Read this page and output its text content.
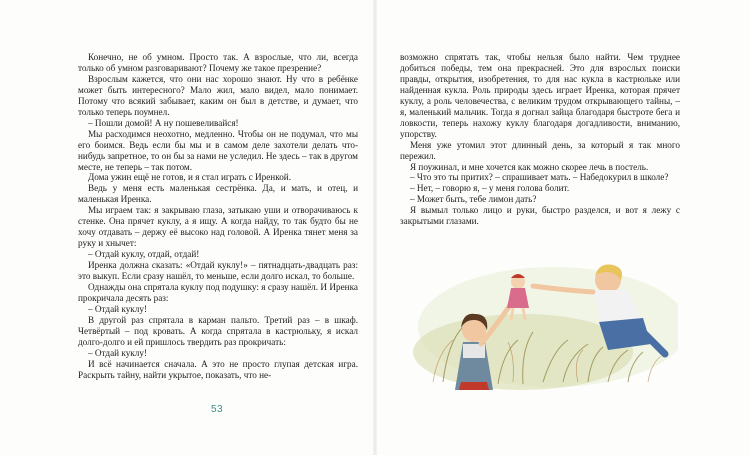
Конечно, не об умном. Просто так. А взрослые, что ли, всегда только об умном разговаривают? Почему же такое презрение?

Взрослым кажется, что они нас хорошо знают. Ну что в ребёнке может быть интересного? Мало жил, мало видел, мало понимает. Потому что всякий забывает, каким он был в детстве, и думает, что только теперь поумнел.

– Пошли домой! А ну пошевеливайся!

Мы расходимся неохотно, медленно. Чтобы он не подумал, что мы его боимся. Ведь если бы мы и в самом деле захотели делать что-нибудь запретное, то он бы за нами не уследил. Не здесь – так в другом месте, не теперь – так потом.

Дома ужин ещё не готов, и я стал играть с Иренкой.

Ведь у меня есть маленькая сестрёнка. Да, и мать, и отец, и маленькая Иренка.

Мы играем так: я закрываю глаза, затыкаю уши и отворачиваюсь к стенке. Она прячет куклу, а я ищу. А когда найду, то так будто бы не хочу отдавать – держу её высоко над головой. А Иренка тянет меня за руку и хнычет:

– Отдай куклу, отдай, отдай!

Иренка должна сказать: «Отдай куклу!» – пятнадцать-двадцать раз: это выкуп. Если сразу нашёл, то меньше, если долго искал, то больше.

Однажды она спрятала куклу под подушку: я сразу нашёл. И Иренка прокричала десять раз:

– Отдай куклу!

В другой раз спрятала в карман пальто. Третий раз – в шкаф. Четвёртый – под кровать. А когда спрятала в кастрюльку, я искал долго-долго и ей пришлось твердить раз прокричать:

– Отдай куклу!

И всё начинается сначала. А это не просто глупая детская игра. Раскрыть тайну, найти укрытое, показать, что не-

53

возможно спрятать так, чтобы нельзя было найти. Чем труднее добиться победы, тем она прекрасней. Это для взрослых поиски правды, открытия, изобретения, то для нас кукла в кастрюльке или найденная кукла. Роль природы здесь играет Иренка, которая прячет куклу, а роль человечества, с великим трудом открывающего тайны, – я, маленький мальчик. Тогда я догнал зайца благодаря быстроте бега и ловкости, теперь нахожу куклу благодаря догадливости, вниманию, упорству.

Меня уже утомил этот длинный день, за который я так много пережил.

Я поужинал, и мне хочется как можно скорее лечь в постель.

– Что это ты притих? – спрашивает мать. – Набедокурил в школе?

– Нет, – говорю я, – у меня голова болит.

– Может быть, тебе лимон дать?

Я вымыл только лицо и руки, быстро разделся, и вот я лежу с закрытыми глазами.
